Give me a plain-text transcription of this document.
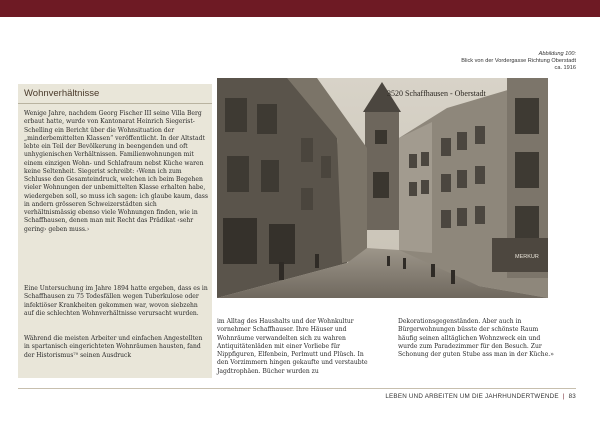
Abbildung 100:
Blick von der Vordergasse Richtung Oberstadt
ca. 1916
Wohnverhältnisse

Wenige Jahre, nachdem Georg Fischer III seine Villa Berg erbaut hatte, wurde von Kantonarat Heinrich Siegerist-Schelling ein Bericht über die Wohnsituation der „minderbemittelten Klassen“ veröffentlicht. In der Altstadt lebte ein Teil der Bevölkerung in beengenden und oft unhygienischen Verhältnissen. Familienwohnungen mit einem einzigen Wohn- und Schlafraum nebst Küche waren keine Seltenheit. Siegerist schreibt: ‹Wenn ich zum Schlusse den Gesamteindruck, welchen ich beim Begehen vieler Wohnungen der unbemittelten Klasse erhalten habe, wiedergeben soll, so muss ich sagen: ich glaube kaum, dass in andern grösseren Schweizerstädten sich verhältnismässig ebenso viele Wohnungen finden, wie in Schaffhausen, denen man mit Recht das Prädikat ‹sehr gering› geben muss.›

Eine Untersuchung im Jahre 1894 hatte ergeben, dass es in Schaffhausen zu 75 Todesfällen wegen Tuberkulose oder infektiöser Krankheiten gekommen war, wovon siebzehn auf die schlechten Wohnverhältnisse verursacht wurden.

Während die meisten Arbeiter und einfachen Angestellten in spartanisch eingerichteten Wohnräumen hausten, fand der Historismus⁷⁰ seinen Ausdruck

3520 Schaffhausen - Oberstadt
MERKUR

im Alltag des Haushalts und der Wohnkultur vornehmer Schaffhauser. Ihre Häuser und Wohnräume verwandelten sich zu wahren Antiquitätenläden mit einer Vorliebe für Nippfiguren, Elfenbein, Perlmutt und Plüsch. In den Vorzimmern hingen gekaufte und verstaubte Jagdtrophäen. Bücher wurden zu

Dekorationsgegenständen. Aber auch in Bürgerwohnungen büsste der schönste Raum häufig seinen alltäglichen Wohnzweck ein und wurde zum Paradezimmer für den Besuch. Zur Schonung der guten Stube ass man in der Küche.»

LEBEN UND ARBEITEN UM DIE JAHRHUNDERTWENDE | 83
